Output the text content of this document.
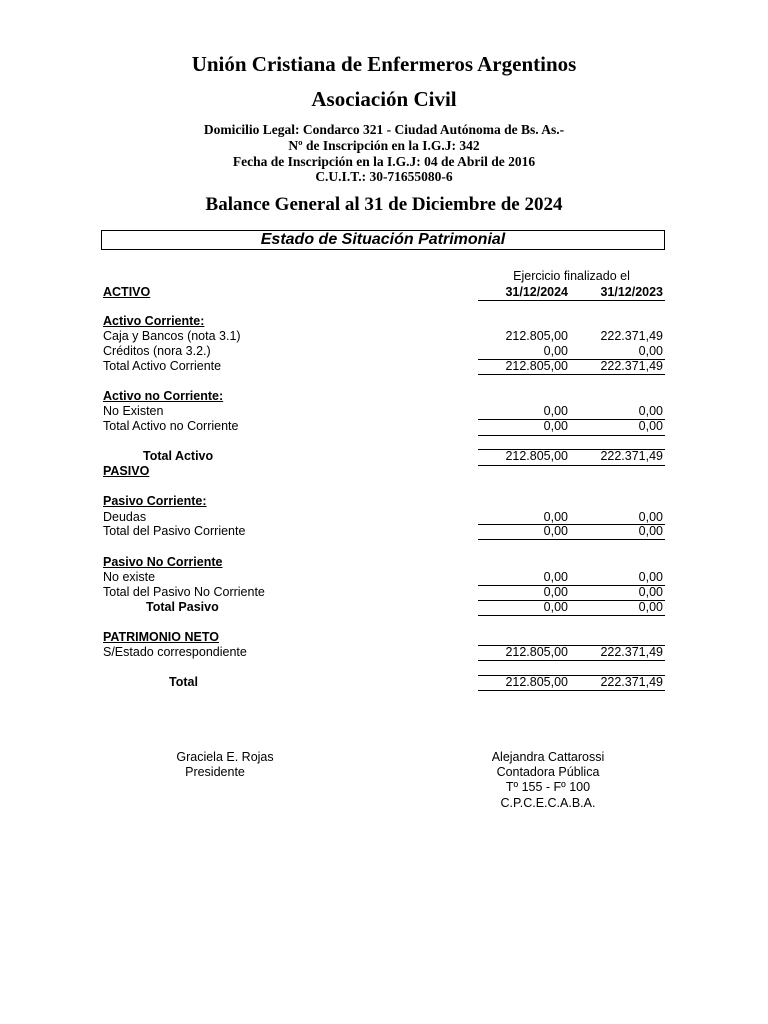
Unión Cristiana de Enfermeros Argentinos
Asociación Civil
Domicilio Legal: Condarco 321 - Ciudad Autónoma de Bs. As.-
Nº de Inscripción en la I.G.J: 342
Fecha de Inscripción en la I.G.J: 04 de Abril de 2016
C.U.I.T.: 30-71655080-6
Balance General al 31 de Diciembre de 2024
Estado de Situación Patrimonial
Ejercicio finalizado el
ACTIVO	31/12/2024	31/12/2023
Activo Corriente:
Caja y Bancos (nota 3.1)	212.805,00	222.371,49
Créditos (nora 3.2.)	0,00	0,00
Total Activo Corriente	212.805,00	222.371,49
Activo no Corriente:
No Existen	0,00	0,00
Total Activo no Corriente	0,00	0,00
Total Activo	212.805,00	222.371,49
PASIVO
Pasivo Corriente:
Deudas	0,00	0,00
Total del Pasivo Corriente	0,00	0,00
Pasivo No Corriente
No existe	0,00	0,00
Total del Pasivo No Corriente	0,00	0,00
Total Pasivo	0,00	0,00
PATRIMONIO NETO
S/Estado correspondiente	212.805,00	222.371,49
Total	212.805,00	222.371,49
Graciela E. Rojas
Presidente
Alejandra Cattarossi
Contadora Pública
Tº 155 - Fº 100
C.P.C.E.C.A.B.A.
